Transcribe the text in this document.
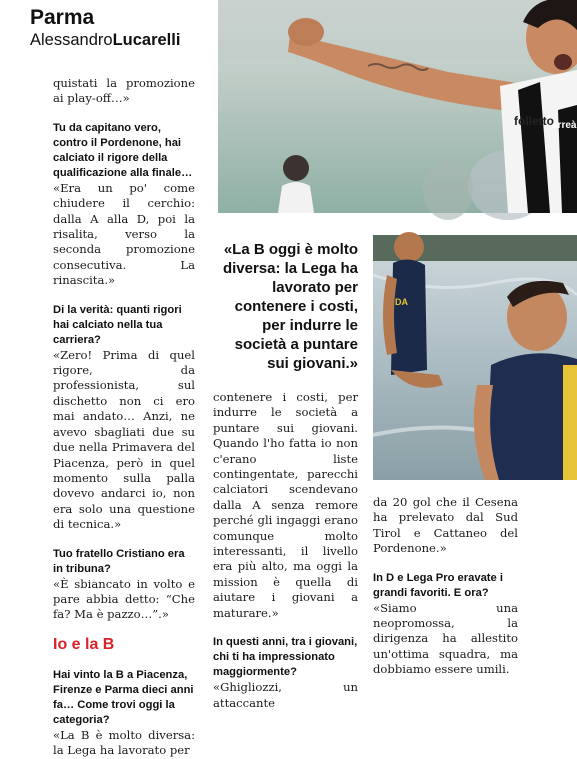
Parma
AlessandroLucarelli
quistati la promozione ai play-off…»
Tu da capitano vero, contro il Pordenone, hai calciato il rigore della qualificazione alla finale…
«Era un po' come chiudere il cerchio: dalla A alla D, poi la risalita, verso la seconda promozione consecutiva. La rinascita.»
Di la verità: quanti rigori hai calciato nella tua carriera?
«Zero! Prima di quel rigore, da professionista, sul dischetto non ci ero mai andato… Anzi, ne avevo sbagliati due su due nella Primavera del Piacenza, però in quel momento sulla palla dovevo andarci io, non era solo una questione di tecnica.»
Tuo fratello Cristiano era in tribuna?
«È sbiancato in volto e pare abbia detto: “Che fa? Ma è pazzo…”.»
Io e la B
Hai vinto la B a Piacenza, Firenze e Parma dieci anni fa… Come trovi oggi la categoria?
«La B è molto diversa: la Lega ha lavorato per
contenere i costi, per indurre le società a puntare sui giovani. Quando l'ho fatta io non c'erano liste contingentate, parecchi calciatori scendevano dalla A senza remore perché gli ingaggi erano comunque molto interessanti, il livello era più alto, ma oggi la mission è quella di aiutare i giovani a maturare.»
In questi anni, tra i giovani, chi ti ha impressionato maggiormente?
«Ghigliozzi, un attaccante
da 20 gol che il Cesena ha prelevato dal Sud Tirol e Cattaneo del Pordenone.»
In D e Lega Pro eravate i grandi favoriti. E ora?
«Siamo una neopromossa, la dirigenza ha allestito un'ottima squadra, ma dobbiamo essere umili.
«La B oggi è molto diversa: la Lega ha lavorato per contenere i costi, per indurre le società a puntare sui giovani.»
folletto
erreà
DA
